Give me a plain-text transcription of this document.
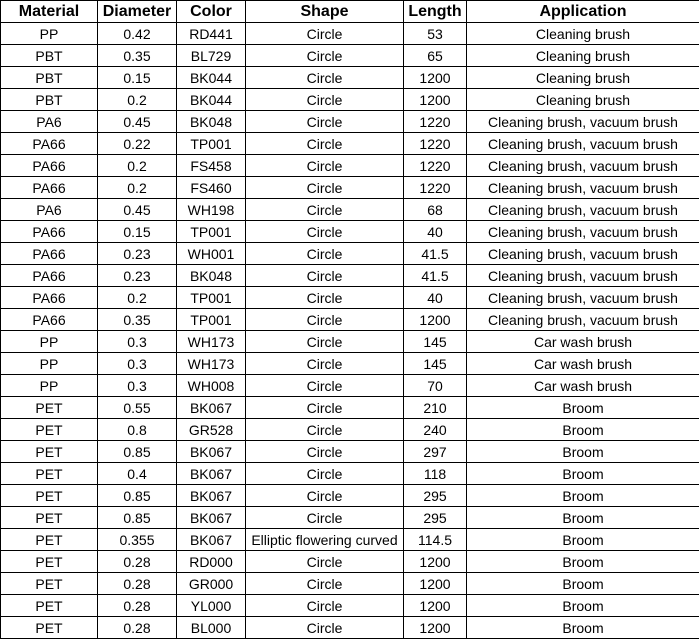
Material	Diameter	Color	Shape	Length	Application
PP	0.42	RD441	Circle	53	Cleaning brush
PBT	0.35	BL729	Circle	65	Cleaning brush
PBT	0.15	BK044	Circle	1200	Cleaning brush
PBT	0.2	BK044	Circle	1200	Cleaning brush
PA6	0.45	BK048	Circle	1220	Cleaning brush, vacuum brush
PA66	0.22	TP001	Circle	1220	Cleaning brush, vacuum brush
PA66	0.2	FS458	Circle	1220	Cleaning brush, vacuum brush
PA66	0.2	FS460	Circle	1220	Cleaning brush, vacuum brush
PA6	0.45	WH198	Circle	68	Cleaning brush, vacuum brush
PA66	0.15	TP001	Circle	40	Cleaning brush, vacuum brush
PA66	0.23	WH001	Circle	41.5	Cleaning brush, vacuum brush
PA66	0.23	BK048	Circle	41.5	Cleaning brush, vacuum brush
PA66	0.2	TP001	Circle	40	Cleaning brush, vacuum brush
PA66	0.35	TP001	Circle	1200	Cleaning brush, vacuum brush
PP	0.3	WH173	Circle	145	Car wash brush
PP	0.3	WH173	Circle	145	Car wash brush
PP	0.3	WH008	Circle	70	Car wash brush
PET	0.55	BK067	Circle	210	Broom
PET	0.8	GR528	Circle	240	Broom
PET	0.85	BK067	Circle	297	Broom
PET	0.4	BK067	Circle	118	Broom
PET	0.85	BK067	Circle	295	Broom
PET	0.85	BK067	Circle	295	Broom
PET	0.355	BK067	Elliptic flowering curved	114.5	Broom
PET	0.28	RD000	Circle	1200	Broom
PET	0.28	GR000	Circle	1200	Broom
PET	0.28	YL000	Circle	1200	Broom
PET	0.28	BL000	Circle	1200	Broom
